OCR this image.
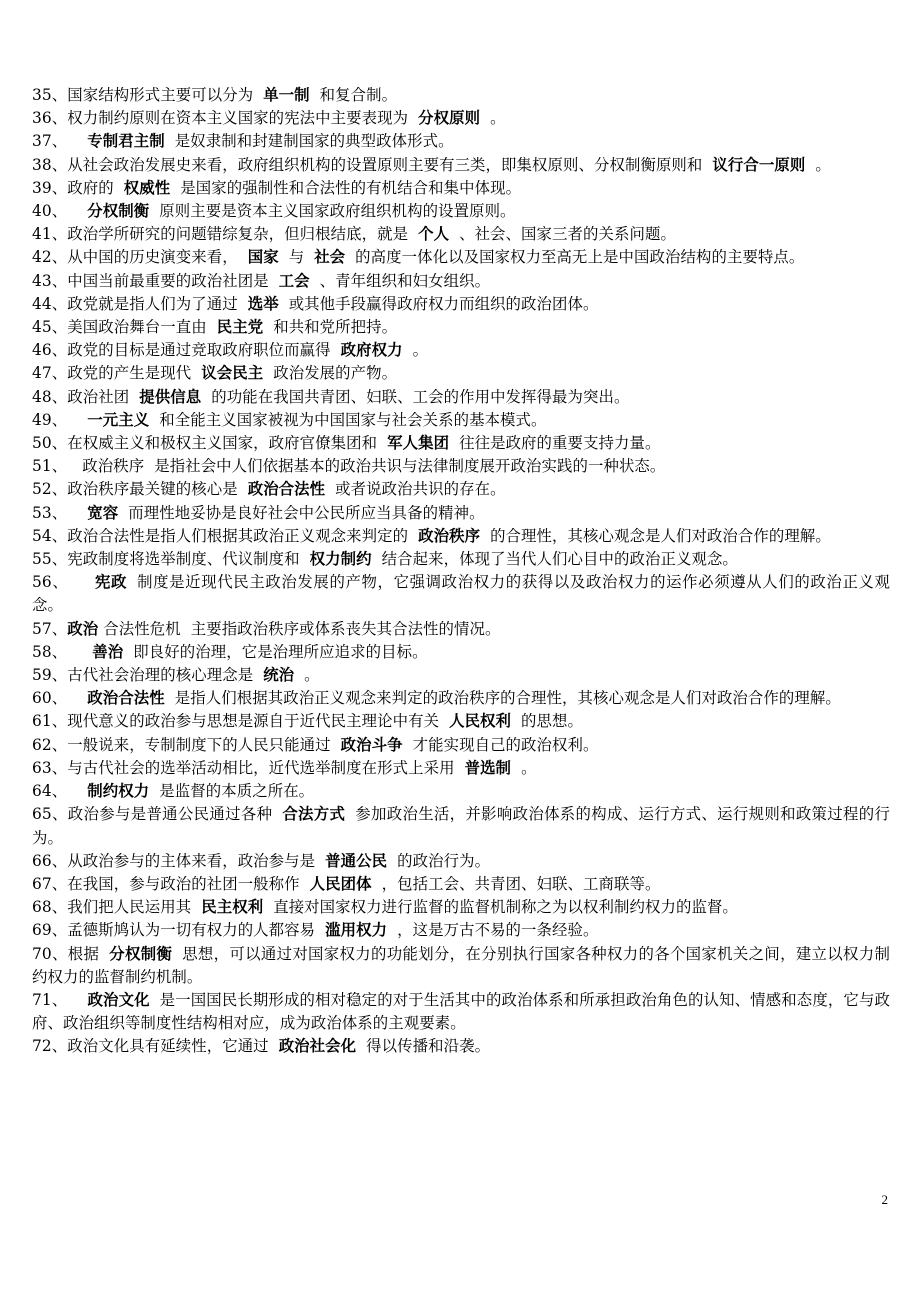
35、国家结构形式主要可以分为 单一制 和复合制。

36、权力制约原则在资本主义国家的宪法中主要表现为 分权原则 。

37、 专制君主制 是奴隶制和封建制国家的典型政体形式。

38、从社会政治发展史来看，政府组织机构的设置原则主要有三类，即集权原则、分权制衡原则和 议行合一原则 。

39、政府的 权威性 是国家的强制性和合法性的有机结合和集中体现。

40、 分权制衡 原则主要是资本主义国家政府组织机构的设置原则。

41、政治学所研究的问题错综复杂，但归根结底，就是 个人 、社会、国家三者的关系问题。

42、从中国的历史演变来看， 国家 与 社会 的高度一体化以及国家权力至高无上是中国政治结构的主要特点。

43、中国当前最重要的政治社团是 工会 、青年组织和妇女组织。

44、政党就是指人们为了通过 选举 或其他手段赢得政府权力而组织的政治团体。

45、美国政治舞台一直由 民主党 和共和党所把持。

46、政党的目标是通过竞取政府职位而赢得 政府权力 。

47、政党的产生是现代 议会民主 政治发展的产物。

48、政治社团 提供信息 的功能在我国共青团、妇联、工会的作用中发挥得最为突出。

49、 一元主义 和全能主义国家被视为中国国家与社会关系的基本模式。

50、在权威主义和极权主义国家，政府官僚集团和 军人集团 往往是政府的重要支持力量。

51、   政治秩序  是指社会中人们依据基本的政治共识与法律制度展开政治实践的一种状态。

52、政治秩序最关键的核心是 政治合法性 或者说政治共识的存在。

53、 宽容 而理性地妥协是良好社会中公民所应当具备的精神。

54、政治合法性是指人们根据其政治正义观念来判定的 政治秩序 的合理性，其核心观念是人们对政治合作的理解。

55、宪政制度将选举制度、代议制度和 权力制约 结合起来，体现了当代人们心目中的政治正义观念。

56、 宪政 制度是近现代民主政治发展的产物，它强调政治权力的获得以及政治权力的运作必须遵从人们的政治正义观念。

57、政治 合法性危机  主要指政治秩序或体系丧失其合法性的情况。

58、 善治 即良好的治理，它是治理所应追求的目标。

59、古代社会治理的核心理念是 统治 。

60、 政治合法性 是指人们根据其政治正义观念来判定的政治秩序的合理性，其核心观念是人们对政治合作的理解。

61、现代意义的政治参与思想是源自于近代民主理论中有关 人民权利 的思想。

62、一般说来，专制制度下的人民只能通过 政治斗争 才能实现自己的政治权利。

63、与古代社会的选举活动相比，近代选举制度在形式上采用 普选制 。

64、 制约权力 是监督的本质之所在。

65、政治参与是普通公民通过各种 合法方式 参加政治生活，并影响政治体系的构成、运行方式、运行规则和政策过程的行为。

66、从政治参与的主体来看，政治参与是 普通公民 的政治行为。

67、在我国，参与政治的社团一般称作 人民团体 ，包括工会、共青团、妇联、工商联等。

68、我们把人民运用其 民主权利 直接对国家权力进行监督的监督机制称之为以权利制约权力的监督。

69、孟德斯鸠认为一切有权力的人都容易 滥用权力 ，这是万古不易的一条经验。

70、根据 分权制衡 思想，可以通过对国家权力的功能划分，在分别执行国家各种权力的各个国家机关之间，建立以权力制约权力的监督制约机制。

71、 政治文化 是一国国民长期形成的相对稳定的对于生活其中的政治体系和所承担政治角色的认知、情感和态度，它与政府、政治组织等制度性结构相对应，成为政治体系的主观要素。

72、政治文化具有延续性，它通过 政治社会化 得以传播和沿袭。

2
